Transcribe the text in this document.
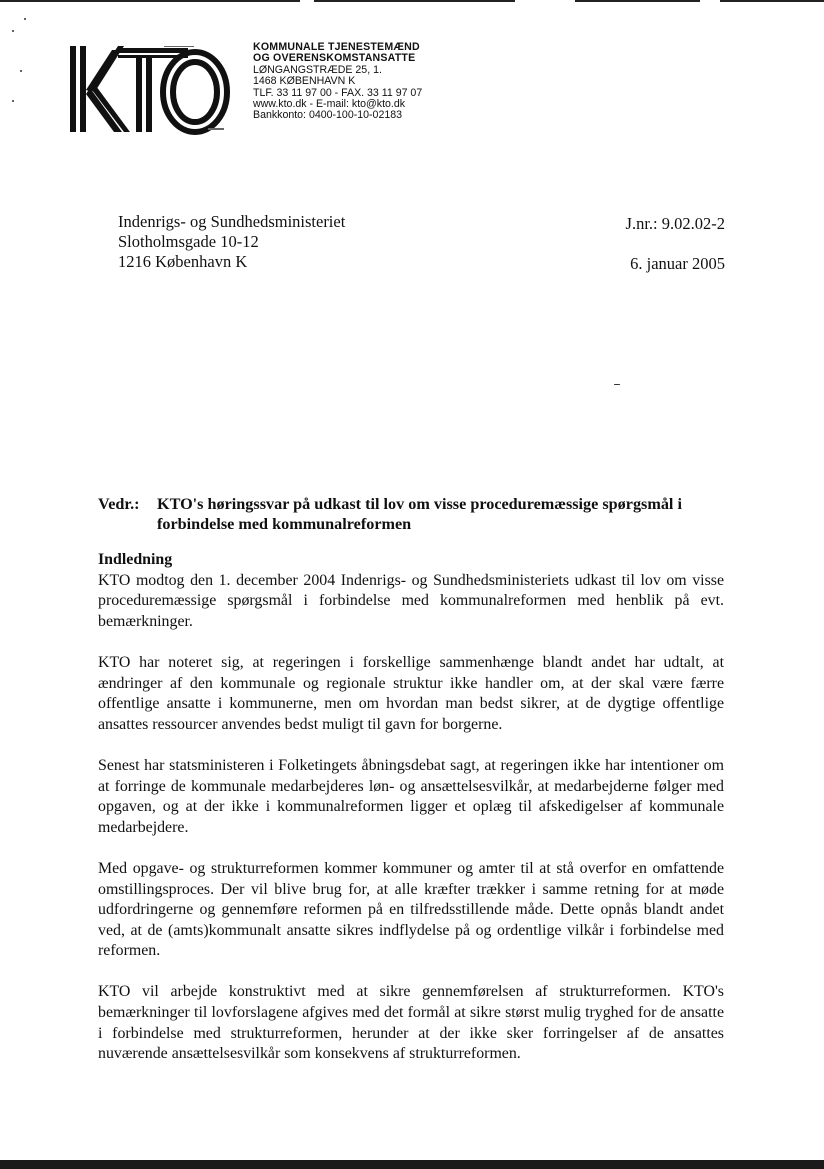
KOMMUNALE TJENESTEMÆND
OG OVERENSKOMSTANSATTE
LØNGANGSTRÆDE 25, 1.
1468 KØBENHAVN K
TLF. 33 11 97 00 - FAX. 33 11 97 07
www.kto.dk - E-mail: kto@kto.dk
Bankkonto: 0400-100-10-02183
Indenrigs- og Sundhedsministeriet
Slotholmsgade 10-12
1216 København K
J.nr.: 9.02.02-2
6. januar 2005
Vedr.: KTO's høringssvar på udkast til lov om visse proceduremæssige spørgsmål i
forbindelse med kommunalreformen

Indledning

KTO modtog den 1. december 2004 Indenrigs- og Sundhedsministeriets udkast til lov om visse proceduremæssige spørgsmål i forbindelse med kommunalreformen med henblik på evt. bemærkninger.

KTO har noteret sig, at regeringen i forskellige sammenhænge blandt andet har udtalt, at ændringer af den kommunale og regionale struktur ikke handler om, at der skal være færre offentlige ansatte i kommunerne, men om hvordan man bedst sikrer, at de dygtige offentlige ansattes ressourcer anvendes bedst muligt til gavn for borgerne.

Senest har statsministeren i Folketingets åbningsdebat sagt, at regeringen ikke har intentioner om at forringe de kommunale medarbejderes løn- og ansættelsesvilkår, at medarbejderne følger med opgaven, og at der ikke i kommunalreformen ligger et oplæg til afskedigelser af kommunale medarbejdere.

Med opgave- og strukturreformen kommer kommuner og amter til at stå overfor en omfattende omstillingsproces. Der vil blive brug for, at alle kræfter trækker i samme retning for at møde udfordringerne og gennemføre reformen på en tilfredsstillende måde. Dette opnås blandt andet ved, at de (amts)kommunalt ansatte sikres indflydelse på og ordentlige vilkår i forbindelse med reformen.

KTO vil arbejde konstruktivt med at sikre gennemførelsen af strukturreformen. KTO's bemærkninger til lovforslagene afgives med det formål at sikre størst mulig tryghed for de ansatte i forbindelse med strukturreformen, herunder at der ikke sker forringelser af de ansattes nuværende ansættelsesvilkår som konsekvens af strukturreformen.
